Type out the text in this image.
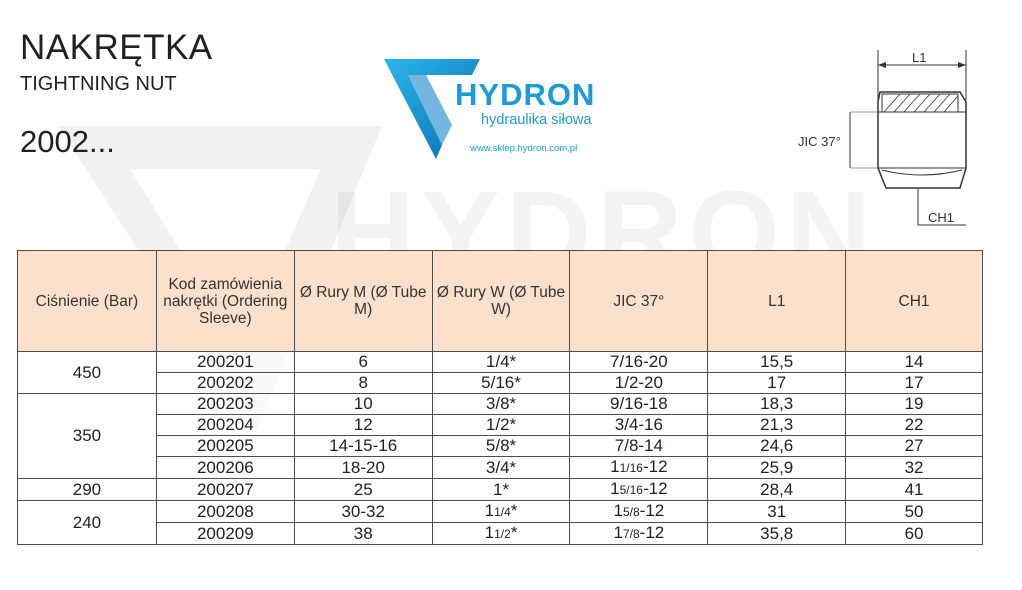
NAKRĘTKA
TIGHTNING NUT
2002...
HYDRON
hydraulika siłowa
www.sklep.hydron.com.pl
L1
JIC 37°
CH1
Ciśnienie (Bar)	Kod zamówienia nakrętki (Ordering Sleeve)	Ø Rury M (Ø Tube M)	Ø Rury W (Ø Tube W)	JIC 37°	L1	CH1
450	200201	6	1/4*	7/16-20	15,5	14
	200202	8	5/16*	1/2-20	17	17
350	200203	10	3/8*	9/16-18	18,3	19
	200204	12	1/2*	3/4-16	21,3	22
	200205	14-15-16	5/8*	7/8-14	24,6	27
	200206	18-20	3/4*	11/16-12	25,9	32
290	200207	25	1*	15/16-12	28,4	41
240	200208	30-32	11/4*	15/8-12	31	50
	200209	38	11/2*	17/8-12	35,8	60
